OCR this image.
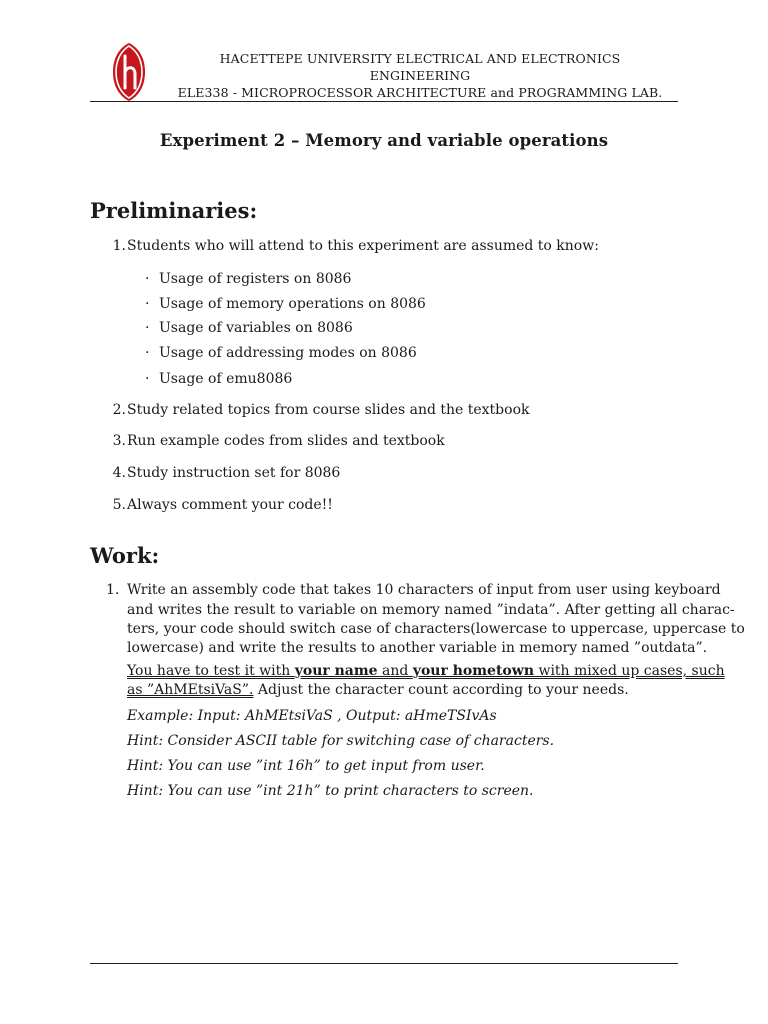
HACETTEPE UNIVERSITY ELECTRICAL AND ELECTRONICS
ENGINEERING
ELE338 - MICROPROCESSOR ARCHITECTURE and PROGRAMMING LAB.
Experiment 2 – Memory and variable operations
Preliminaries:
1. Students who will attend to this experiment are assumed to know:
2. Study related topics from course slides and the textbook
3. Run example codes from slides and textbook
4. Study instruction set for 8086
5. Always comment your code!!
· Usage of registers on 8086
· Usage of memory operations on 8086
· Usage of variables on 8086
· Usage of addressing modes on 8086
· Usage of emu8086
Work:
1. Write an assembly code that takes 10 characters of input from user using keyboard
and writes the result to variable on memory named ”indata”. After getting all charac-
ters, your code should switch case of characters(lowercase to uppercase, uppercase to
lowercase) and write the results to another variable in memory named ”outdata”.
You have to test it with your name and your hometown with mixed up cases, such
as ”AhMEtsiVaS”. Adjust the character count according to your needs.
Example: Input: AhMEtsiVaS , Output: aHmeTSIvAs
Hint: Consider ASCII table for switching case of characters.
Hint: You can use ”int 16h” to get input from user.
Hint: You can use ”int 21h” to print characters to screen.
